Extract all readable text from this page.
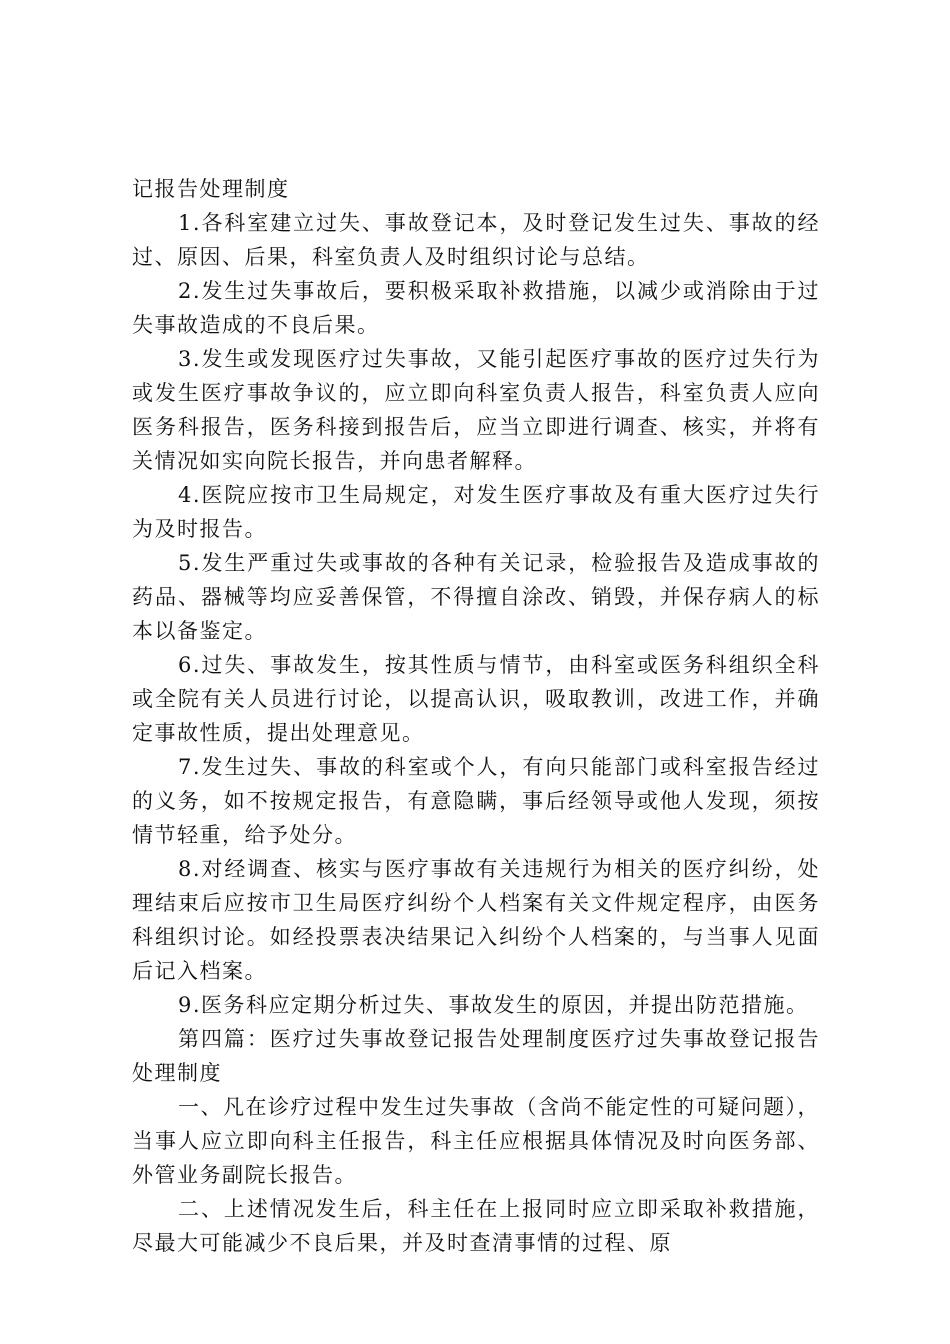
记报告处理制度

1.各科室建立过失、事故登记本，及时登记发生过失、事故的经过、原因、后果，科室负责人及时组织讨论与总结。

2.发生过失事故后，要积极采取补救措施，以减少或消除由于过失事故造成的不良后果。

3.发生或发现医疗过失事故，又能引起医疗事故的医疗过失行为或发生医疗事故争议的，应立即向科室负责人报告，科室负责人应向医务科报告，医务科接到报告后，应当立即进行调查、核实，并将有关情况如实向院长报告，并向患者解释。

4.医院应按市卫生局规定，对发生医疗事故及有重大医疗过失行为及时报告。

5.发生严重过失或事故的各种有关记录，检验报告及造成事故的药品、器械等均应妥善保管，不得擅自涂改、销毁，并保存病人的标本以备鉴定。

6.过失、事故发生，按其性质与情节，由科室或医务科组织全科或全院有关人员进行讨论，以提高认识，吸取教训，改进工作，并确定事故性质，提出处理意见。

7.发生过失、事故的科室或个人，有向只能部门或科室报告经过的义务，如不按规定报告，有意隐瞒，事后经领导或他人发现，须按情节轻重，给予处分。

8.对经调查、核实与医疗事故有关违规行为相关的医疗纠纷，处理结束后应按市卫生局医疗纠纷个人档案有关文件规定程序，由医务科组织讨论。如经投票表决结果记入纠纷个人档案的，与当事人见面后记入档案。

9.医务科应定期分析过失、事故发生的原因，并提出防范措施。

第四篇：医疗过失事故登记报告处理制度医疗过失事故登记报告处理制度

一、凡在诊疗过程中发生过失事故（含尚不能定性的可疑问题），当事人应立即向科主任报告，科主任应根据具体情况及时向医务部、外管业务副院长报告。

二、上述情况发生后，科主任在上报同时应立即采取补救措施，尽最大可能减少不良后果，并及时查清事情的过程、原
